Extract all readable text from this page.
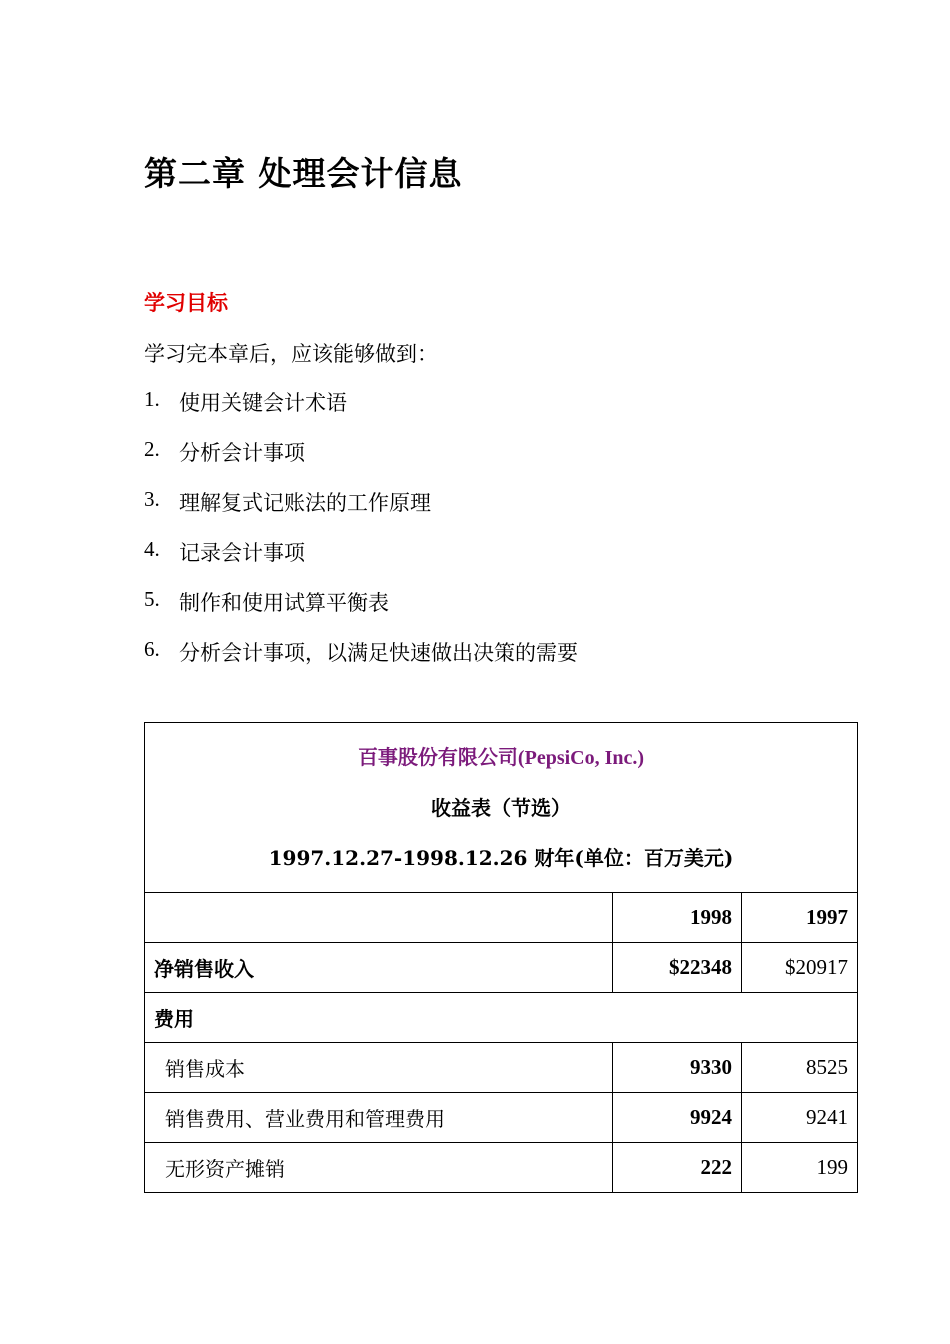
第二章 处理会计信息
学习目标
学习完本章后，应该能够做到：
1. 使用关键会计术语
2. 分析会计事项
3. 理解复式记账法的工作原理
4. 记录会计事项
5. 制作和使用试算平衡表
6. 分析会计事项，以满足快速做出决策的需要
百事股份有限公司(PepsiCo, Inc.)
收益表（节选）
1997.12.27-1998.12.26 财年(单位：百万美元)		

	1998	1997
净销售收入	$22348	$20917
费用		
销售成本	9330	8525
销售费用、营业费用和管理费用	9924	9241
无形资产摊销	222	199
